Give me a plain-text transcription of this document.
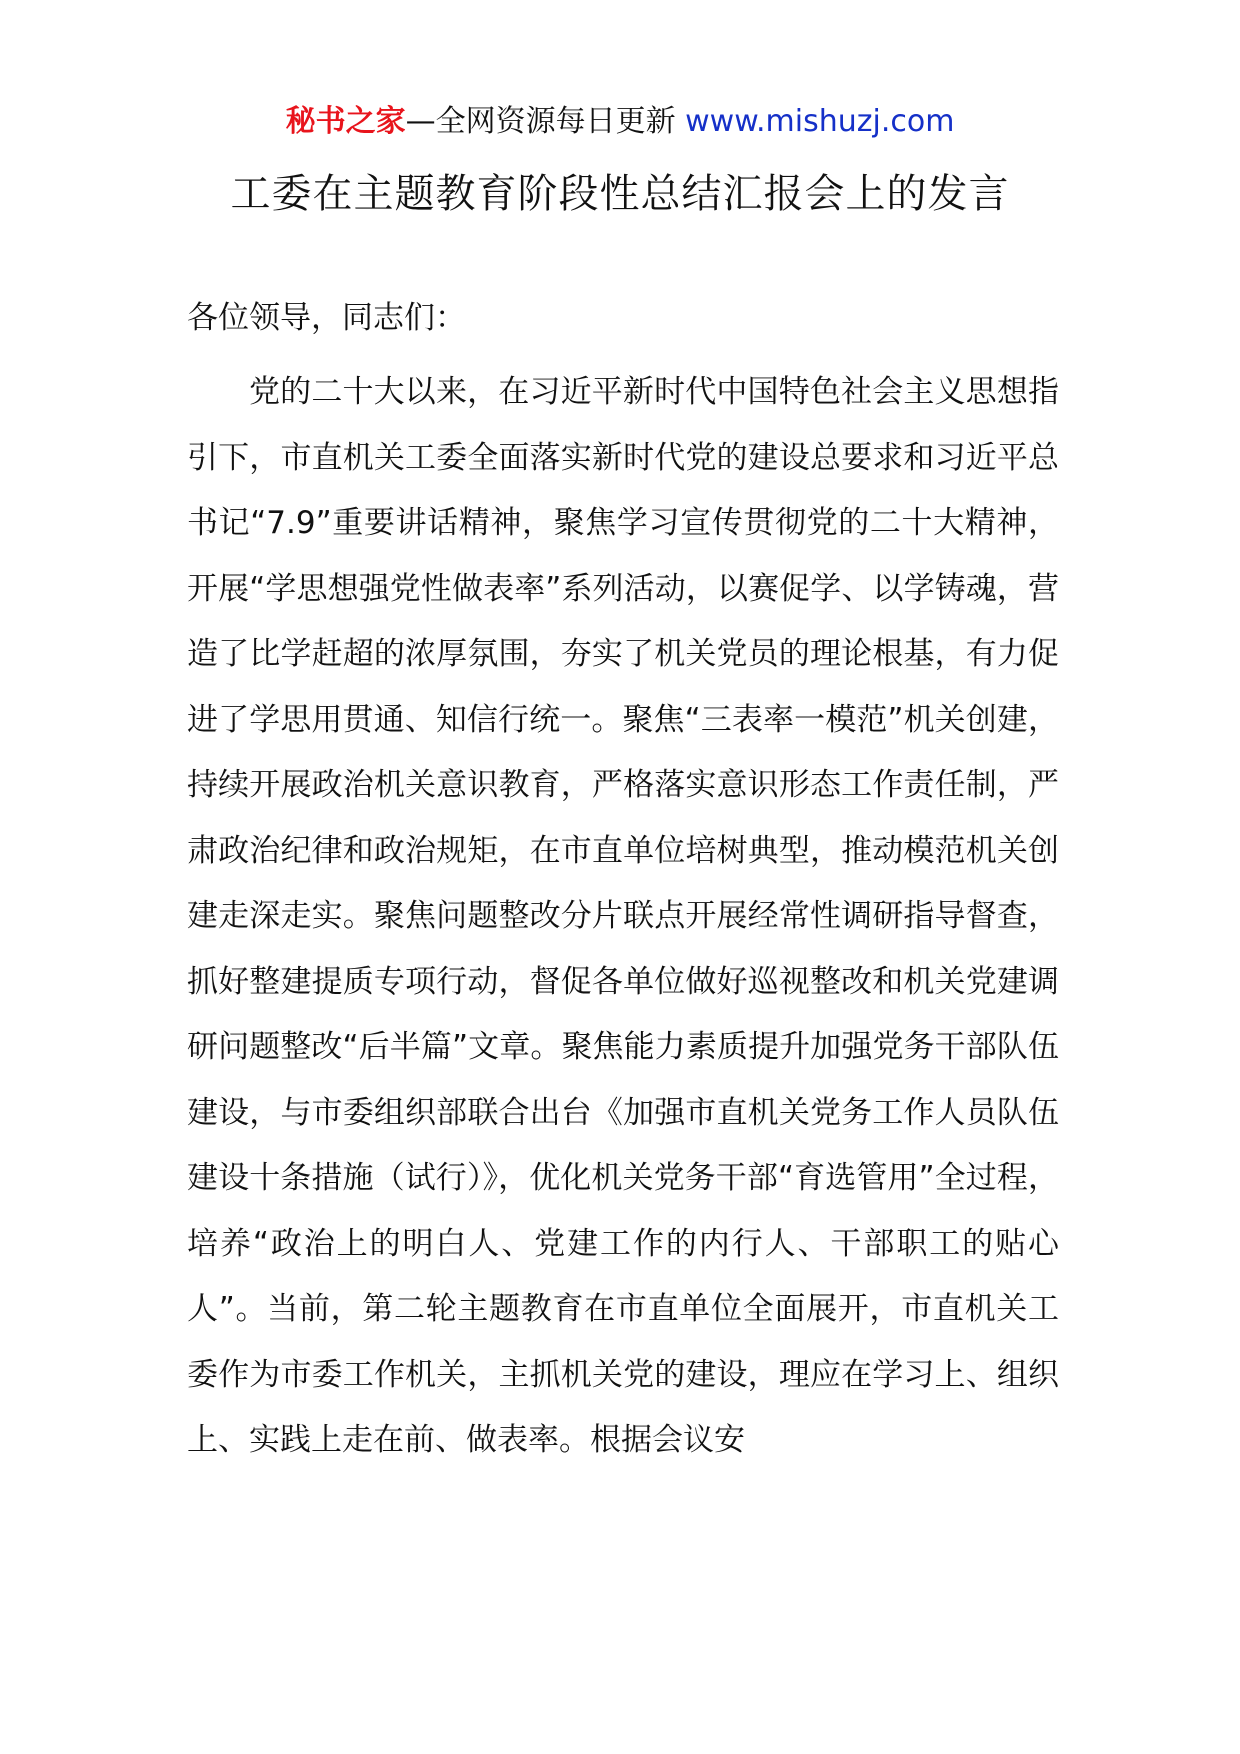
秘书之家—全网资源每日更新 www.mishuzj.com
工委在主题教育阶段性总结汇报会上的发言

各位领导，同志们：

党的二十大以来，在习近平新时代中国特色社会主义思想指引下，市直机关工委全面落实新时代党的建设总要求和习近平总书记“7.9”重要讲话精神，聚焦学习宣传贯彻党的二十大精神，开展“学思想强党性做表率”系列活动，以赛促学、以学铸魂，营造了比学赶超的浓厚氛围，夯实了机关党员的理论根基，有力促进了学思用贯通、知信行统一。聚焦“三表率一模范”机关创建，持续开展政治机关意识教育，严格落实意识形态工作责任制，严肃政治纪律和政治规矩，在市直单位培树典型，推动模范机关创建走深走实。聚焦问题整改分片联点开展经常性调研指导督查，抓好整建提质专项行动，督促各单位做好巡视整改和机关党建调研问题整改“后半篇”文章。聚焦能力素质提升加强党务干部队伍建设，与市委组织部联合出台《加强市直机关党务工作人员队伍建设十条措施（试行）》，优化机关党务干部“育选管用”全过程，培养“政治上的明白人、党建工作的内行人、干部职工的贴心人”。当前，第二轮主题教育在市直单位全面展开，市直机关工委作为市委工作机关，主抓机关党的建设，理应在学习上、组织上、实践上走在前、做表率。根据会议安
